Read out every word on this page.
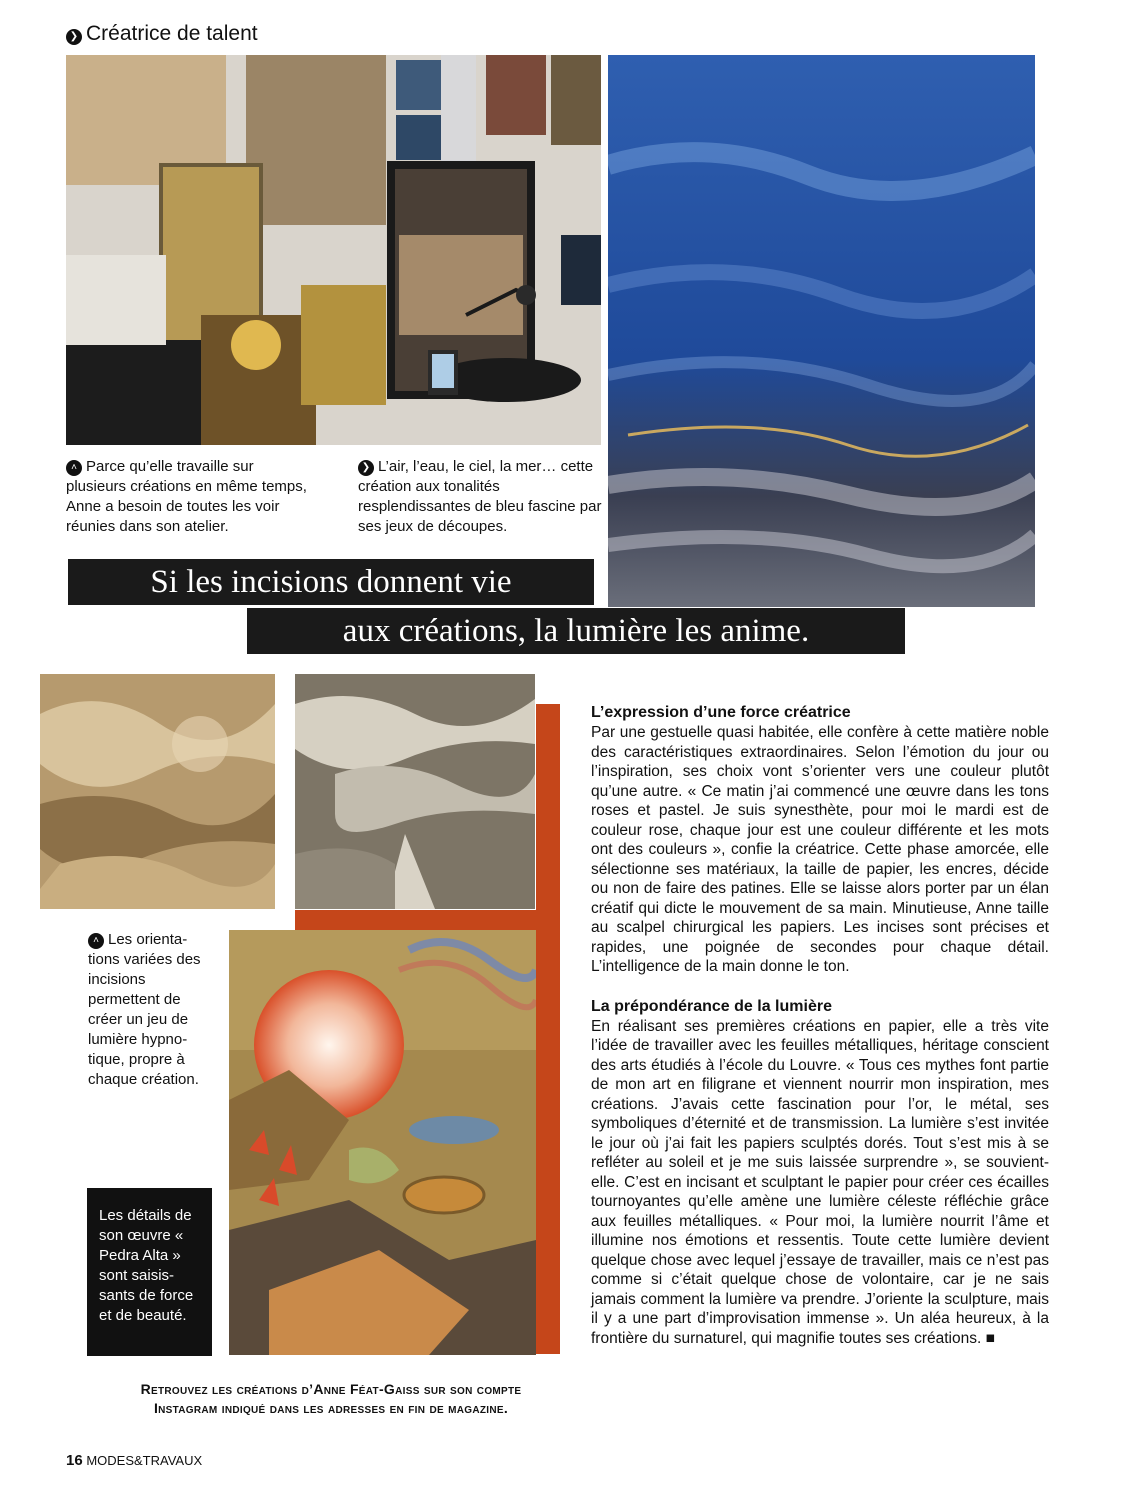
❯ Créatrice de talent
˄ Parce qu’elle travaille sur plusieurs créations en même temps, Anne a besoin de toutes les voir réunies dans son atelier.
❯ L’air, l’eau, le ciel, la mer… cette création aux tonalités resplendissantes de bleu fascine par ses jeux de découpes.
Si les incisions donnent vie
aux créations, la lumière les anime.
˄ Les orientations variées des incisions permettent de créer un jeu de lumière hypnotique, propre à chaque création.
Les détails de son œuvre « Pedra Alta » sont saisissants de force et de beauté.
Retrouvez les créations d’Anne Féat-Gaiss sur son compte
Instagram indiqué dans les adresses en fin de magazine.
L’expression d’une force créatrice

Par une gestuelle quasi habitée, elle confère à cette matière noble des caractéristiques extraordinaires. Selon l’émotion du jour ou l’inspiration, ses choix vont s’orienter vers une couleur plutôt qu’une autre. « Ce matin j’ai commencé une œuvre dans les tons roses et pastel. Je suis synesthète, pour moi le mardi est de couleur rose, chaque jour est une couleur différente et les mots ont des couleurs », confie la créatrice. Cette phase amorcée, elle sélectionne ses matériaux, la taille de papier, les encres, décide ou non de faire des patines. Elle se laisse alors porter par un élan créatif qui dicte le mouvement de sa main. Minutieuse, Anne taille au scalpel chirurgical les papiers. Les incises sont précises et rapides, une poignée de secondes pour chaque détail. L’intelligence de la main donne le ton.

La prépondérance de la lumière

En réalisant ses premières créations en papier, elle a très vite l’idée de travailler avec les feuilles métalliques, héritage conscient des arts étudiés à l’école du Louvre. « Tous ces mythes font partie de mon art en filigrane et viennent nourrir mon inspiration, mes créations. J’avais cette fascination pour l’or, le métal, ses symboliques d’éternité et de transmission. La lumière s’est invitée le jour où j’ai fait les papiers sculptés dorés. Tout s’est mis à se refléter au soleil et je me suis laissée surprendre », se souvient-elle. C’est en incisant et sculptant le papier pour créer ces écailles tournoyantes qu’elle amène une lumière céleste réfléchie grâce aux feuilles métalliques. « Pour moi, la lumière nourrit l’âme et illumine nos émotions et ressentis. Toute cette lumière devient quelque chose avec lequel j’essaye de travailler, mais ce n’est pas comme si c’était quelque chose de volontaire, car je ne sais jamais comment la lumière va prendre. J’oriente la sculpture, mais il y a une part d’improvisation immense ». Un aléa heureux, à la frontière du surnaturel, qui magnifie toutes ses créations. ■

16 MODES&TRAVAUX
